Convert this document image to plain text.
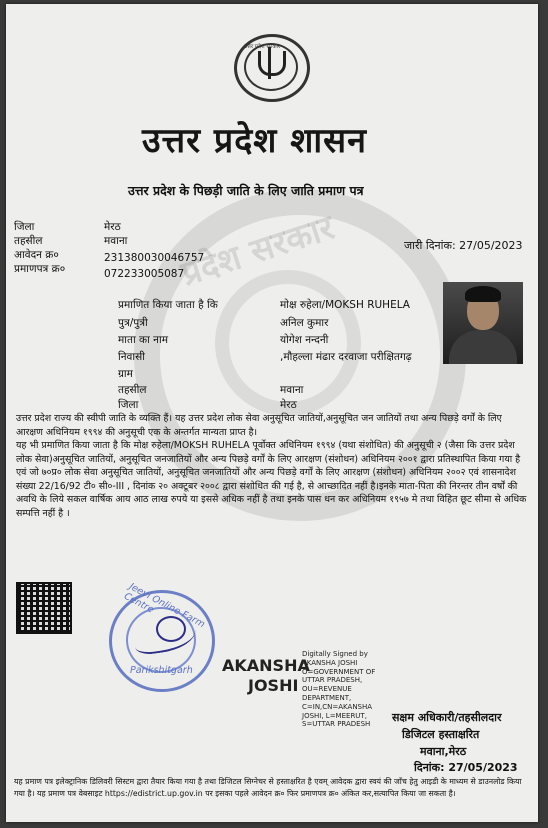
प्रदेश सरकार
उत्तर प्रदेश सरकार
उत्तर प्रदेश शासन
उत्तर प्रदेश के पिछड़ी जाति के लिए जाति प्रमाण पत्र
जिला	मेरठ
तहसील	मवाना
आवेदन क्र०	231380030046757
प्रमाणपत्र क्र०	072233005087
जारी दिनांक: 27/05/2023
प्रमाणित किया जाता है कि	मोक्ष रुहेला/MOKSH RUHELA
पुत्र/पुत्री	अनिल कुमार
माता का नाम	योगेश नन्दनी
निवासी	,मौहल्ला मंढार दरवाजा परीक्षितगढ़
ग्राम
तहसील	मवाना
जिला	मेरठ

उत्तर प्रदेश राज्य की स्वीपी जाति के व्यक्ति हैं। यह उत्तर प्रदेश लोक सेवा अनुसूचित जातियों,अनुसूचित जन जातियों तथा अन्य पिछड़े वर्गों के लिए आरक्षण अधिनियम १९९४ की अनुसूची एक के अन्तर्गत मान्यता प्राप्त है।

यह भी प्रमाणित किया जाता है कि मोक्ष रुहेला/MOKSH RUHELA पूर्वोक्त अधिनियम १९९४ (यथा संशोधित) की अनुसूची २ (जैसा कि उत्तर प्रदेश लोक सेवा)अनुसूचित जातियों, अनुसूचित जनजातियों और अन्य पिछड़े वर्गों के लिए आरक्षण (संशोधन) अधिनियम २००१ द्वारा प्रतिस्थापित किया गया है एवं जो ७०प्र० लोक सेवा अनुसूचित जातियों, अनुसूचित जनजातियों और अन्य पिछड़े वर्गों के लिए आरक्षण (संशोधन) अधिनियम २००२ एवं शासनादेश संख्या 22/16/92 टी० सी०-III , दिनांक २० अक्टूबर २००८ द्वारा संशोधित की गई है, से आच्छादित नहीं है।इनके माता-पिता की निरन्तर तीन वर्षों की अवधि के लिये सकल वार्षिक आय आठ लाख रुपये या इससे अधिक नहीं है तथा इनके पास धन कर अधिनियम १९५७ मे तथा विहित छूट सीमा से अधिक सम्पत्ति नहीं है ।

Jeevi Online Farm Centre
Parikshitgarh AKANSHA
JOSHI
Digitally Signed by
AKANSHA JOSHI
O=GOVERNMENT OF
UTTAR PRADESH,
OU=REVENUE
DEPARTMENT,
C=IN,CN=AKANSHA
JOSHI, L=MEERUT,
S=UTTAR PRADESH
सक्षम अधिकारी/तहसीलदार
डिजिटल हस्ताक्षरित
मवाना,मेरठ
दिनांक: 27/05/2023
यह प्रमाण पत्र इलेक्ट्रानिक डिलिवरी सिस्टम द्वारा तैयार किया गया है तथा डिजिटल सिग्नेचर से हस्ताक्षरित है एवम् आवेदक द्वारा स्वयं की जाँच हेतु आइडी के माध्यम से डाउनलोड किया गया है। यह प्रमाण पत्र वेबसाइट https://edistrict.up.gov.in पर इसका पहले आवेदन क्र० फिर प्रमाणपत्र क्र० अंकित कर,सत्यापित किया जा सकता है।
